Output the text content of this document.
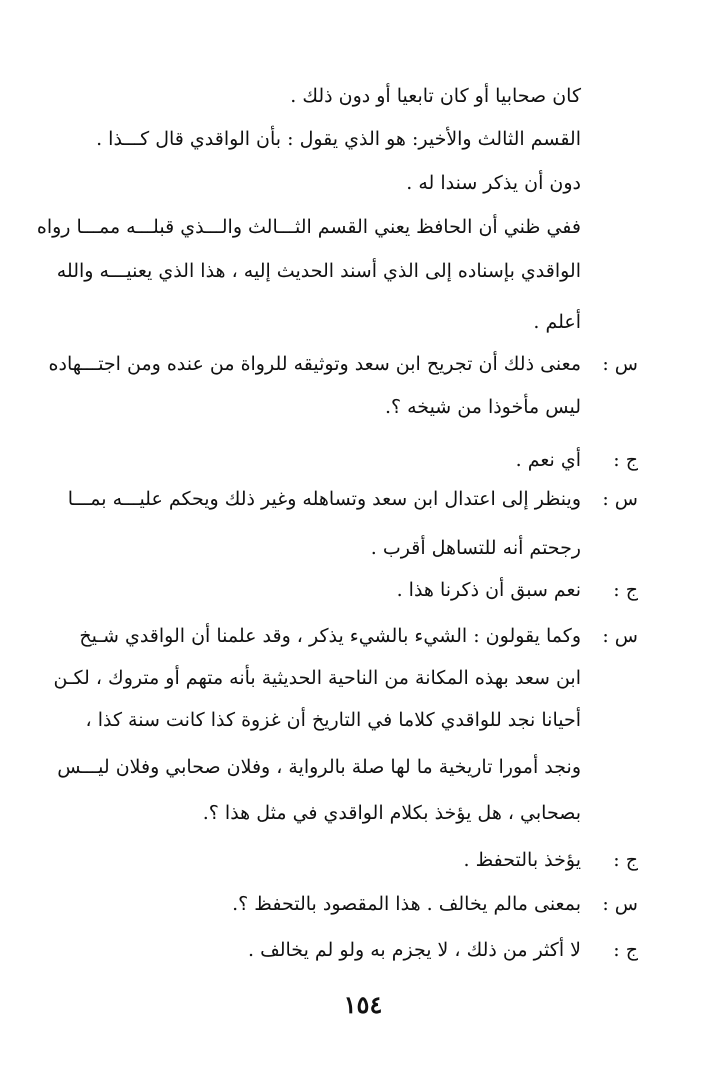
كان صحابيا أو كان تابعيا أو دون ذلك .
القسم الثالث والأخير: هو الذي يقول : بأن الواقدي قال كـــذا .
دون أن يذكر سندا له .
ففي ظني أن الحافظ يعني القسم الثـــالث والـــذي قبلـــه ممـــا رواه
الواقدي بإسناده إلى الذي أسند الحديث إليه ، هذا الذي يعنيـــه والله
أعلم .
س :
معنى ذلك أن تجريح ابن سعد وتوثيقه للرواة من عنده ومن اجتـــهاده
ليس مأخوذا من شيخه ؟.
ج :
أي نعم .
س :
وينظر إلى اعتدال ابن سعد وتساهله وغير ذلك ويحكم عليـــه بمـــا
رجحتم أنه للتساهل أقرب .
ج :
نعم سبق أن ذكرنا هذا .
س :
وكما يقولون : الشيء بالشيء يذكر ، وقد علمنا أن الواقدي شـيخ
ابن سعد بهذه المكانة من الناحية الحديثية بأنه متهم أو متروك ، لكـن
أحيانا نجد للواقدي كلاما في التاريخ أن غزوة كذا كانت سنة كذا ،
ونجد أمورا تاريخية ما لها صلة بالرواية ، وفلان صحابي وفلان ليـــس
بصحابي ، هل يؤخذ بكلام الواقدي في مثل هذا ؟.
ج :
يؤخذ بالتحفظ .
س :
بمعنى مالم يخالف . هذا المقصود بالتحفظ ؟.
ج :
لا أكثر من ذلك ، لا يجزم به ولو لم يخالف .
١٥٤
